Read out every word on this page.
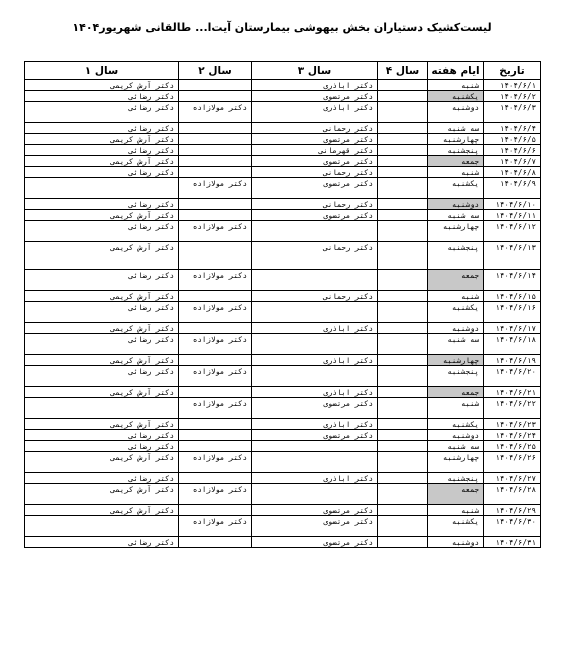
لیست‌کشیک دستیاران بخش بیهوشی بیمارستان آیت‌ا... طالقانی شهریور۱۴۰۴
تاریخ	ایام هفته	سال ۴	سال ۳	سال ۲	سال ۱
۱۴۰۴/۶/۱	شنبه		دکتر اباذری		دکتر آرش کریمی
۱۴۰۴/۶/۲	یکشنبه		دکتر مرتضوی		دکتر رضائی
۱۴۰۴/۶/۳	دوشنبه		دکتر اباذری	دکتر مولازاده	دکتر رضائی
۱۴۰۴/۶/۴	سه شنبه		دکتر رحمانی		دکتر رضائی
۱۴۰۴/۶/۵	چهارشنبه		دکتر مرتضوی		دکتر آرش کریمی
۱۴۰۴/۶/۶	پنجشنبه		دکتر قهرمانی		دکتر رضائی
۱۴۰۴/۶/۷	جمعه		دکتر مرتضوی		دکتر آرش کریمی
۱۴۰۴/۶/۸	شنبه		دکتر رحمانی		دکتر رضائی
۱۴۰۴/۶/۹	یکشنبه		دکتر مرتضوی	دکتر مولازاده	
۱۴۰۴/۶/۱۰	دوشنبه		دکتر رحمانی		دکتر رضائی
۱۴۰۴/۶/۱۱	سه شنبه		دکتر مرتضوی		دکتر آرش کریمی
۱۴۰۴/۶/۱۲	چهارشنبه			دکتر مولازاده	دکتر رضائی
۱۴۰۴/۶/۱۳	پنجشنبه		دکتر رحمانی		دکتر آرش کریمی
۱۴۰۴/۶/۱۴	جمعه			دکتر مولازاده	دکتر رضائی
۱۴۰۴/۶/۱۵	شنبه		دکتر رحمانی		دکتر آرش کریمی
۱۴۰۴/۶/۱۶	یکشنبه			دکتر مولازاده	دکتر رضائی
۱۴۰۴/۶/۱۷	دوشنبه		دکتر اباذری		دکتر آرش کریمی
۱۴۰۴/۶/۱۸	سه شنبه			دکتر مولازاده	دکتر رضائی
۱۴۰۴/۶/۱۹	چهارشنبه		دکتر اباذری		دکتر آرش کریمی
۱۴۰۴/۶/۲۰	پنجشنبه			دکتر مولازاده	دکتر رضائی
۱۴۰۴/۶/۲۱	جمعه		دکتر اباذری		دکتر آرش کریمی
۱۴۰۴/۶/۲۲	شنبه		دکتر مرتضوی	دکتر مولازاده	
۱۴۰۴/۶/۲۳	یکشنبه		دکتر اباذری		دکتر آرش کریمی
۱۴۰۴/۶/۲۴	دوشنبه		دکتر مرتضوی		دکتر رضائی
۱۴۰۴/۶/۲۵	سه شنبه				دکتر رضائی
۱۴۰۴/۶/۲۶	چهارشنبه			دکتر مولازاده	دکتر آرش کریمی
۱۴۰۴/۶/۲۷	پنجشنبه		دکتر اباذری		دکتر رضائی
۱۴۰۴/۶/۲۸	جمعه			دکتر مولازاده	دکتر آرش کریمی
۱۴۰۴/۶/۲۹	شنبه		دکتر مرتضوی		دکتر آرش کریمی
۱۴۰۴/۶/۳۰	یکشنبه		دکتر مرتضوی	دکتر مولازاده	
۱۴۰۴/۶/۳۱	دوشنبه		دکتر مرتضوی		دکتر رضائی
